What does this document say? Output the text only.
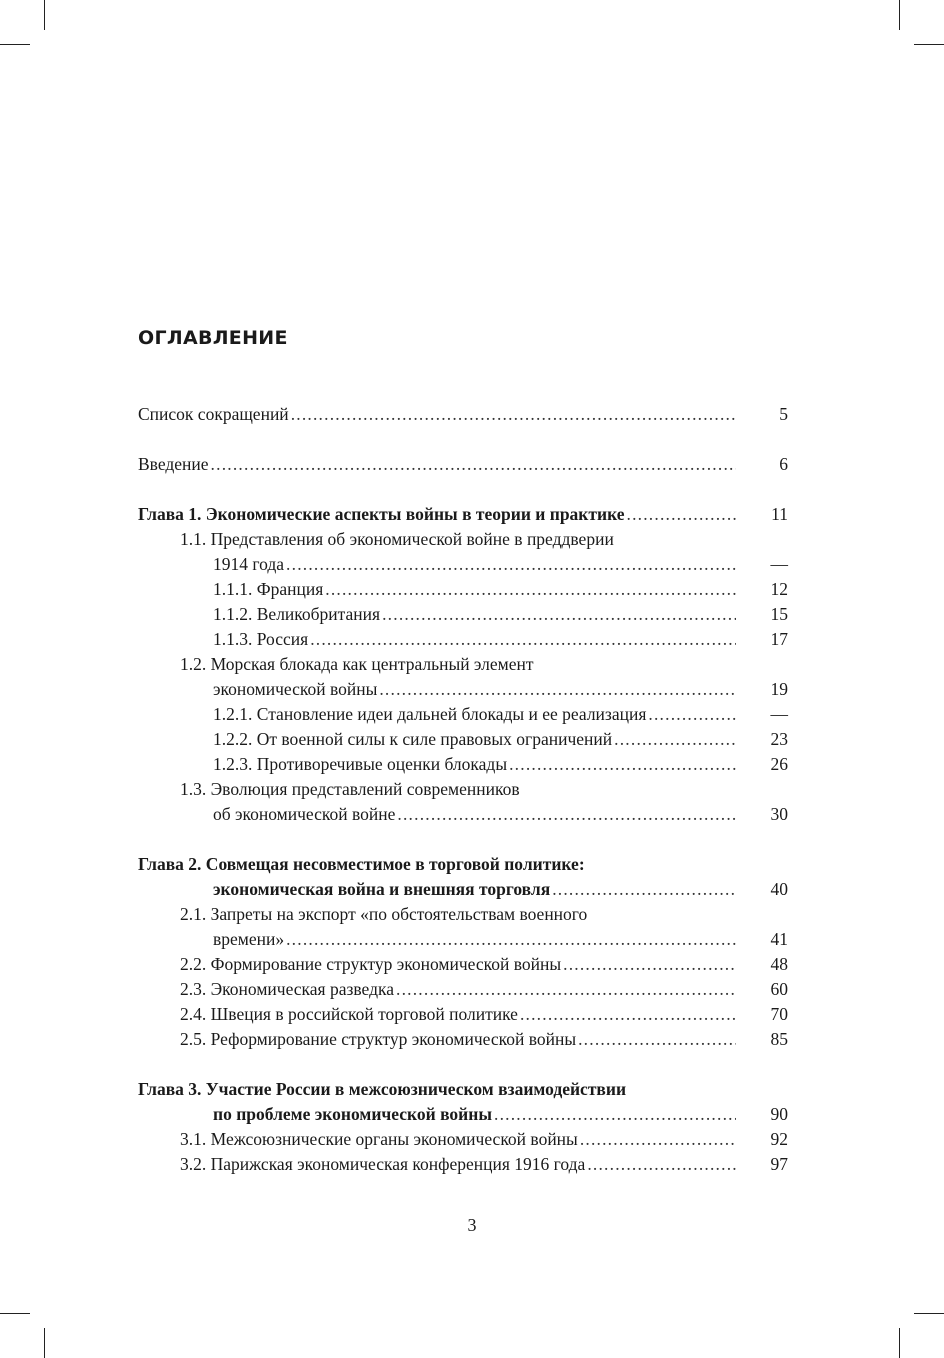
ОГЛАВЛЕНИЕ
Список сокращений .....	5
Введение .....	6
Глава 1. Экономические аспекты войны в теории и практике .....	11
1.1. Представления об экономической войне в преддверии
1914 года .....	—
1.1.1. Франция .....	12
1.1.2. Великобритания .....	15
1.1.3. Россия .....	17
1.2. Морская блокада как центральный элемент
экономической войны .....	19
1.2.1. Становление идеи дальней блокады и ее реализация .....	—
1.2.2. От военной силы к силе правовых ограничений .....	23
1.2.3. Противоречивые оценки блокады .....	26
1.3. Эволюция представлений современников
об экономической войне .....	30
Глава 2. Совмещая несовместимое в торговой политике:
экономическая война и внешняя торговля .....	40
2.1. Запреты на экспорт «по обстоятельствам военного
времени» .....	41
2.2. Формирование структур экономической войны .....	48
2.3. Экономическая разведка .....	60
2.4. Швеция в российской торговой политике .....	70
2.5. Реформирование структур экономической войны .....	85
Глава 3. Участие России в межсоюзническом взаимодействии
по проблеме экономической войны .....	90
3.1. Межсоюзнические органы экономической войны .....	92
3.2. Парижская экономическая конференция 1916 года .....	97
3
